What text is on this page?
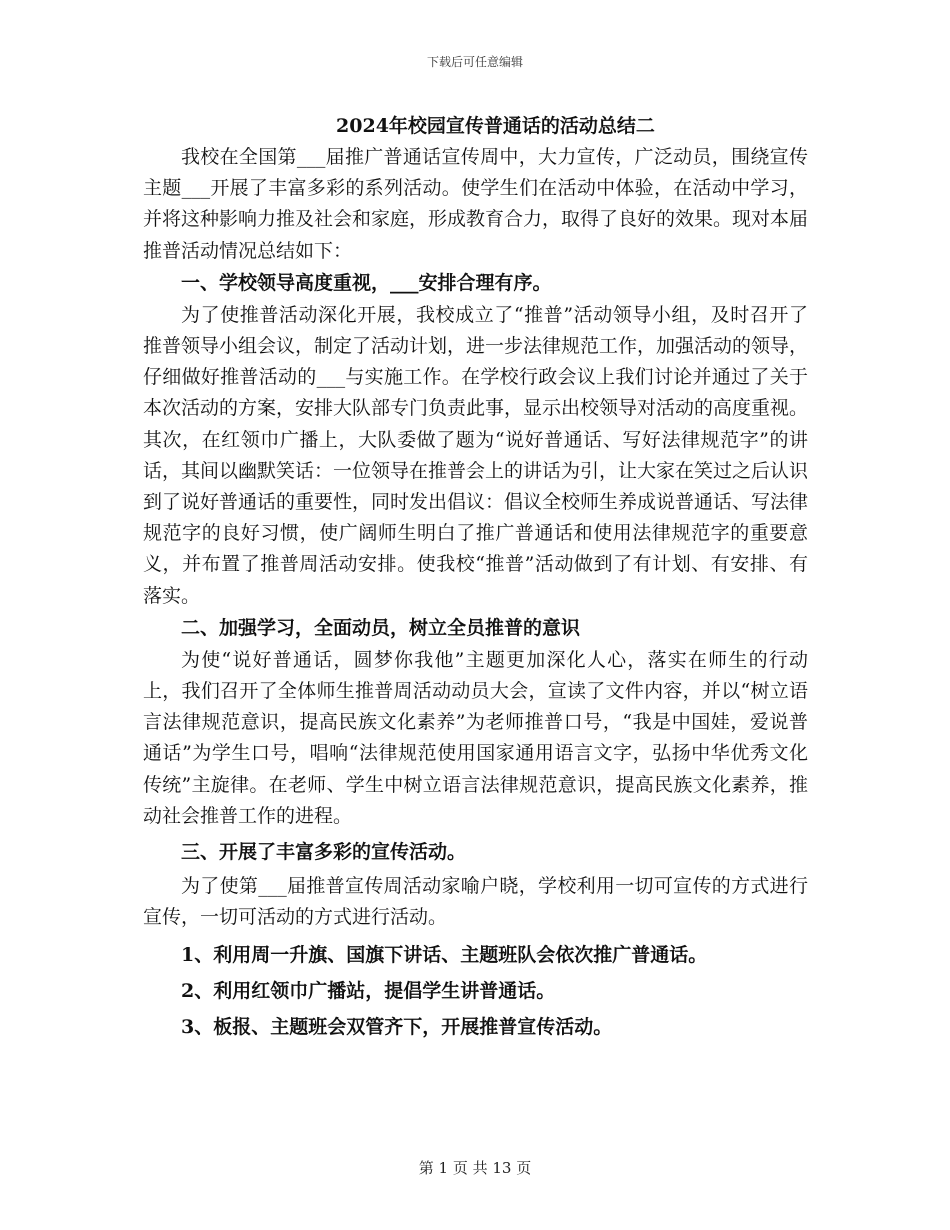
下载后可任意编辑

2024年校园宣传普通话的活动总结二

我校在全国第___届推广普通话宣传周中，大力宣传，广泛动员，围绕宣传主题___开展了丰富多彩的系列活动。使学生们在活动中体验，在活动中学习，并将这种影响力推及社会和家庭，形成教育合力，取得了良好的效果。现对本届推普活动情况总结如下：

一、学校领导高度重视，___安排合理有序。

为了使推普活动深化开展，我校成立了“推普”活动领导小组，及时召开了推普领导小组会议，制定了活动计划，进一步法律规范工作，加强活动的领导，仔细做好推普活动的___与实施工作。在学校行政会议上我们讨论并通过了关于本次活动的方案，安排大队部专门负责此事，显示出校领导对活动的高度重视。其次，在红领巾广播上，大队委做了题为“说好普通话、写好法律规范字”的讲话，其间以幽默笑话：一位领导在推普会上的讲话为引，让大家在笑过之后认识到了说好普通话的重要性，同时发出倡议：倡议全校师生养成说普通话、写法律规范字的良好习惯，使广阔师生明白了推广普通话和使用法律规范字的重要意义，并布置了推普周活动安排。使我校“推普”活动做到了有计划、有安排、有落实。

二、加强学习，全面动员，树立全员推普的意识

为使“说好普通话，圆梦你我他”主题更加深化人心，落实在师生的行动上，我们召开了全体师生推普周活动动员大会，宣读了文件内容，并以“树立语言法律规范意识，提高民族文化素养”为老师推普口号，“我是中国娃，爱说普通话”为学生口号，唱响“法律规范使用国家通用语言文字，弘扬中华优秀文化传统”主旋律。在老师、学生中树立语言法律规范意识，提高民族文化素养，推动社会推普工作的进程。

三、开展了丰富多彩的宣传活动。

为了使第___届推普宣传周活动家喻户晓，学校利用一切可宣传的方式进行宣传，一切可活动的方式进行活动。

1、利用周一升旗、国旗下讲话、主题班队会依次推广普通话。

2、利用红领巾广播站，提倡学生讲普通话。

3、板报、主题班会双管齐下，开展推普宣传活动。

第 1 页 共 13 页
